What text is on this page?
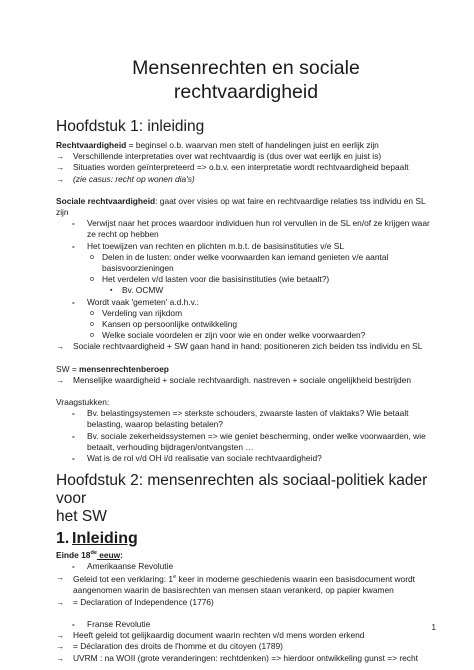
Mensenrechten en sociale
rechtvaardigheid
Hoofdstuk 1: inleiding

Rechtvaardigheid = beginsel o.b. waarvan men stelt of handelingen juist en eerlijk zijn

→	Verschillende interpretaties over wat rechtvaardig is (dus over wat eerlijk en juist is)
→	Situaties worden geïnterpreteerd => o.b.v. een interpretatie wordt rechtvaardigheid bepaalt
→	(zie casus: recht op wonen dia's)

Sociale rechtvaardigheid: gaat over visies op wat faire en rechtvaardige relaties tss individu en SL zijn

-	Verwijst naar het proces waardoor individuen hun rol vervullen in de SL en/of ze krijgen waar
ze recht op hebben
-	Het toewijzen van rechten en plichten m.b.t. de basisinstituties v/e SL
o Delen in de lusten: onder welke voorwaarden kan iemand genieten v/e aantal
basisvoorzieningen
o Het verdelen v/d lasten voor die basisinstituties (wie betaalt?)
▪	Bv. OCMW
-	Wordt vaak 'gemeten' a.d.h.v.:
o Verdeling van rijkdom
o Kansen op persoonlijke ontwikkeling
o Welke sociale voordelen er zijn voor wie en onder welke voorwaarden?
→	Sociale rechtvaardigheid + SW gaan hand in hand: positioneren zich beiden tss individu en SL

SW = mensenrechtenberoep

→	Menselijke waardigheid + sociale rechtvaardigh. nastreven + sociale ongelijkheid bestrijden

Vraagstukken:

-	Bv. belastingsystemen => sterkste schouders, zwaarste lasten of vlaktaks? Wie betaalt
belasting, waarop belasting betalen?
-	Bv. sociale zekerheidssystemen => wie geniet bescherming, onder welke voorwaarden, wie
betaalt, verhouding bijdragen/ontvangsten …
-	Wat is de rol v/d OH i/d realisatie van sociale rechtvaardigheid?
Hoofdstuk 2: mensenrechten als sociaal-politiek kader voor
het SW
1. Inleiding

Einde 18de eeuw:

-	Amerikaanse Revolutie
→	Geleid tot een verklaring: 1e keer in moderne geschiedenis waarin een basisdocument wordt
aangenomen waarin de basisrechten van mensen staan verankerd, op papier kwamen
→	= Declaration of Independence (1776)
-	Franse Revolutie
→	Heeft geleid tot gelijkaardig document waarin rechten v/d mens worden erkend
→	= Déclaration des droits de l'homme et du citoyen (1789)
→	UVRM : na WOII (grote veranderingen: rechtdenken) => hierdoor ontwikkeling gunst => recht
1
